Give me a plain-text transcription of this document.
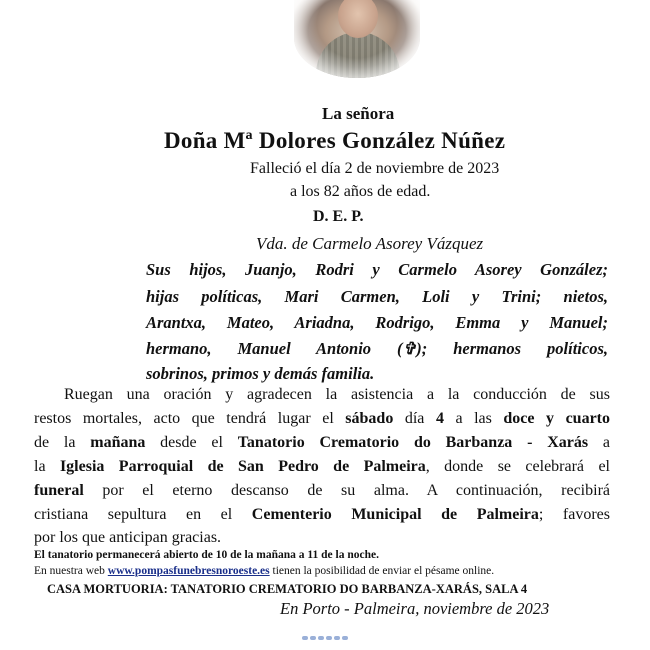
La señora
Doña Mª Dolores González Núñez
Falleció el día 2 de noviembre de 2023
a los 82 años de edad.
D. E. P.
Vda. de Carmelo Asorey Vázquez
Sus hijos, Juanjo, Rodri y Carmelo Asorey González;
hijas políticas, Mari Carmen, Loli y Trini; nietos,
Arantxa, Mateo, Ariadna, Rodrigo, Emma y Manuel;
hermano, Manuel Antonio (✞); hermanos políticos,
sobrinos, primos y demás familia.
Ruegan una oración y agradecen la asistencia a la conducción de sus
restos mortales, acto que tendrá lugar el sábado día 4 a las doce y cuarto
de la mañana desde el Tanatorio Crematorio do Barbanza - Xarás a
la Iglesia Parroquial de San Pedro de Palmeira, donde se celebrará el
funeral por el eterno descanso de su alma. A continuación, recibirá
cristiana sepultura en el Cementerio Municipal de Palmeira; favores
por los que anticipan gracias.
El tanatorio permanecerá abierto de 10 de la mañana a 11 de la noche.
En nuestra web www.pompasfunebresnoroeste.es tienen la posibilidad de enviar el pésame online.
CASA MORTUORIA: TANATORIO CREMATORIO DO BARBANZA-XARÁS, SALA 4
En Porto - Palmeira, noviembre de 2023
